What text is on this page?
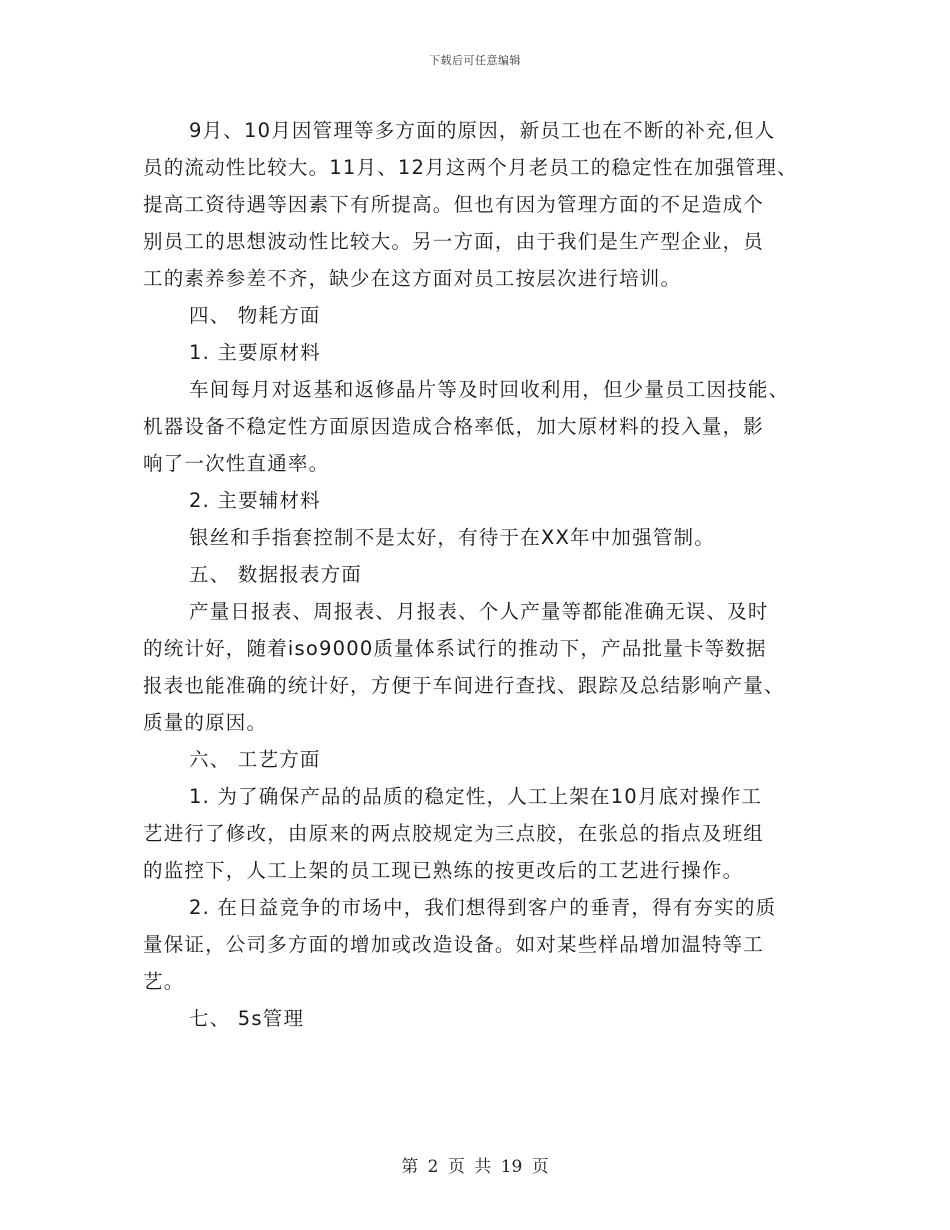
下载后可任意编辑
9月、10月因管理等多方面的原因，新员工也在不断的补充,但人
员的流动性比较大。11月、12月这两个月老员工的稳定性在加强管理、
提高工资待遇等因素下有所提高。但也有因为管理方面的不足造成个
别员工的思想波动性比较大。另一方面，由于我们是生产型企业，员
工的素养参差不齐，缺少在这方面对员工按层次进行培训。
四、 物耗方面
1. 主要原材料
车间每月对返基和返修晶片等及时回收利用，但少量员工因技能、
机器设备不稳定性方面原因造成合格率低，加大原材料的投入量，影
响了一次性直通率。
2. 主要辅材料
银丝和手指套控制不是太好，有待于在XX年中加强管制。
五、 数据报表方面
产量日报表、周报表、月报表、个人产量等都能准确无误、及时
的统计好，随着iso9000质量体系试行的推动下，产品批量卡等数据
报表也能准确的统计好，方便于车间进行查找、跟踪及总结影响产量、
质量的原因。
六、 工艺方面
1. 为了确保产品的品质的稳定性，人工上架在10月底对操作工
艺进行了修改，由原来的两点胶规定为三点胶，在张总的指点及班组
的监控下，人工上架的员工现已熟练的按更改后的工艺进行操作。
2. 在日益竞争的市场中，我们想得到客户的垂青，得有夯实的质
量保证，公司多方面的增加或改造设备。如对某些样品增加温特等工
艺。
七、 5s管理
第 2 页 共 19 页
